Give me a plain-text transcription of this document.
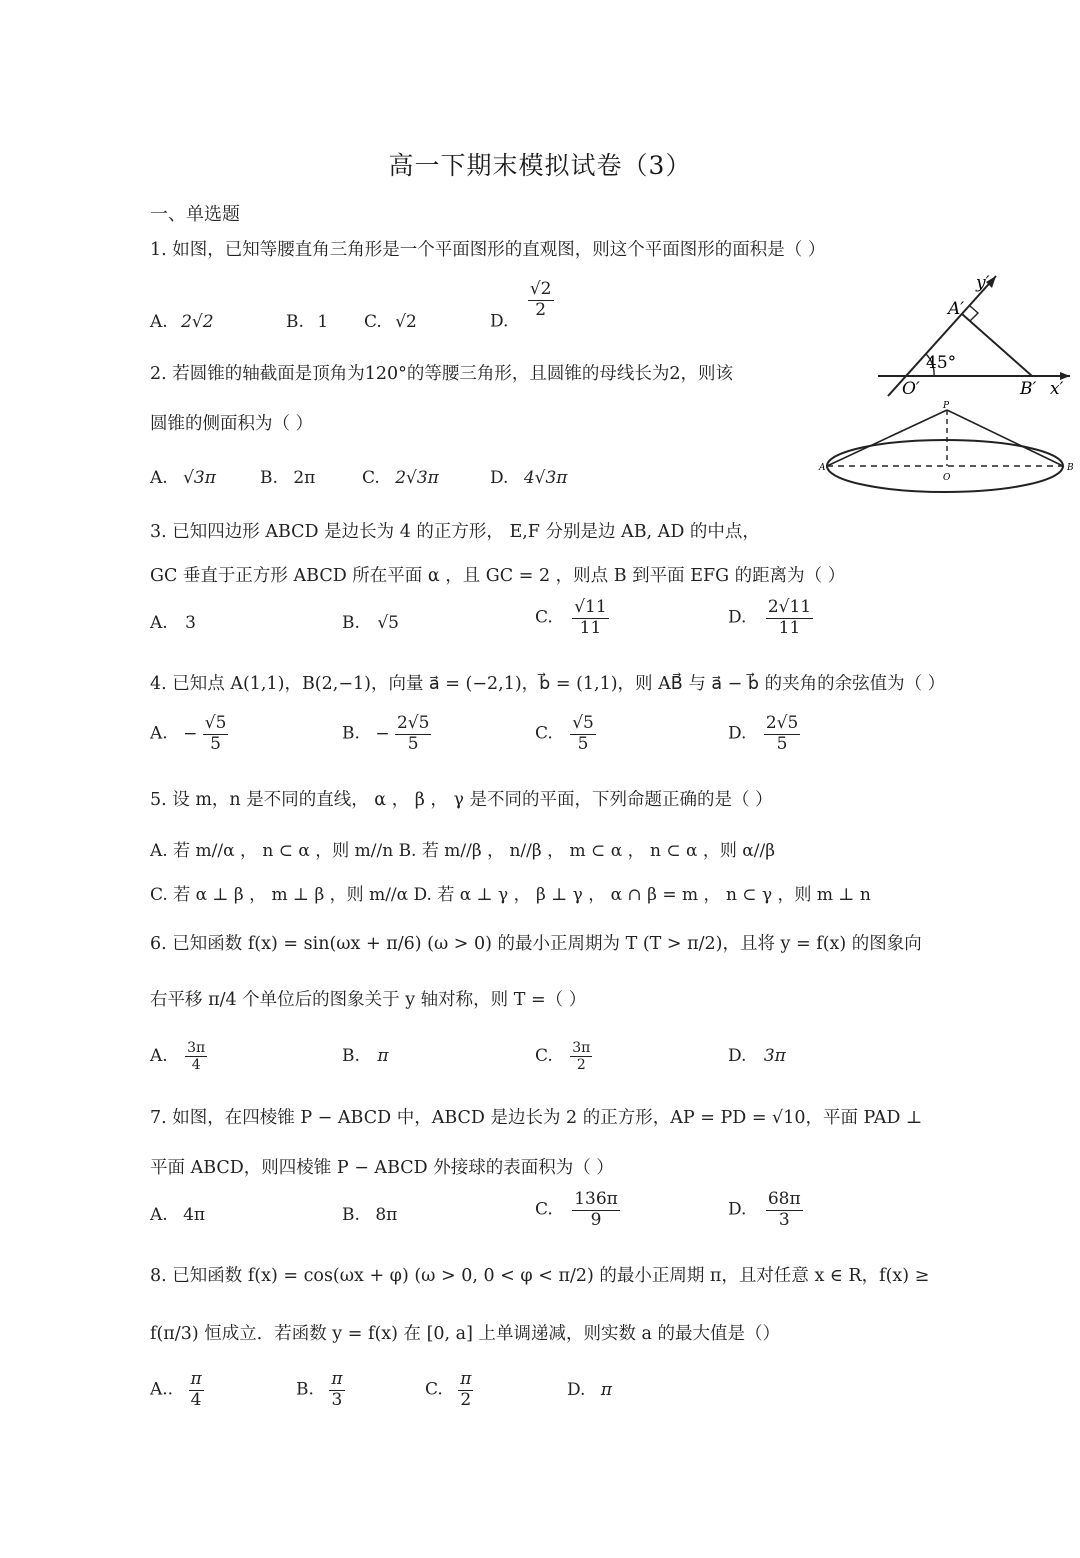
高一下期末模拟试卷（3）
一、单选题
1. 如图，已知等腰直角三角形是一个平面图形的直观图，则这个平面图形的面积是（ ）
A. 2√2	B. 1 C. √2	D.
$\frac{√2}{2}$	y′
A′
45°
O′	B′ x′
2. 若圆锥的轴截面是顶角为120°的等腰三角形，且圆锥的母线长为2，则该
圆锥的侧面积为（ ）
A. √3π	B. 2π	C. 2√3π	D. 4√3π
P
A
O
B
3. 已知四边形 ABCD 是边长为 4 的正方形， E,F 分别是边 AB, AD 的中点，
GC 垂直于正方形 ABCD 所在平面 α ，且 GC = 2 ，则点 B 到平面 EFG 的距离为（ ）
A. 3	B. √5	C. $\frac{√11}{11}$	D. $\frac{2√11}{11}$
4. 已知点 A(1,1)，B(2,−1)，向量 a⃗ = (−2,1)，b⃗ = (1,1)，则 AB⃗ 与 a⃗ − b⃗ 的夹角的余弦值为（ ）
A. − $\frac{√5}{5}$	B. − $\frac{2√5}{5}$	C. $\frac{√5}{5}$	D. $\frac{2√5}{5}$
5. 设 m，n 是不同的直线， α ， β ， γ 是不同的平面，下列命题正确的是（ ）
A. 若 m//α ， n ⊂ α ，则 m//n B. 若 m//β ， n//β ， m ⊂ α ， n ⊂ α ，则 α//β
C. 若 α ⊥ β ， m ⊥ β ，则 m//α D. 若 α ⊥ γ ， β ⊥ γ ， α ∩ β = m ， n ⊂ γ ，则 m ⊥ n
6. 已知函数 f(x) = sin(ωx + π/6) (ω > 0) 的最小正周期为 T (T > π/2)，且将 y = f(x) 的图象向
右平移 π/4 个单位后的图象关于 y 轴对称，则 T =（ ）
A. $\frac{3\pi}{4}$	B. π	C. $\frac{3\pi}{2}$	D. 3π
7. 如图，在四棱锥 P − ABCD 中，ABCD 是边长为 2 的正方形，AP = PD = √10，平面 PAD ⊥
平面 ABCD，则四棱锥 P − ABCD 外接球的表面积为（ ）
A. 4π	B. 8π	C. $\frac{136\pi}{9}$	D. $\frac{68\pi}{3}$
8. 已知函数 f(x) = cos(ωx + φ) (ω > 0, 0 < φ < π/2) 的最小正周期 π，且对任意 x ∈ R，f(x) ≥
f(π/3) 恒成立．若函数 y = f(x) 在 [0, a] 上单调递减，则实数 a 的最大值是（）
A.. $\frac{\pi}{4}$	B. $\frac{\pi}{3}$	C. $\frac{\pi}{2}$	D. π
